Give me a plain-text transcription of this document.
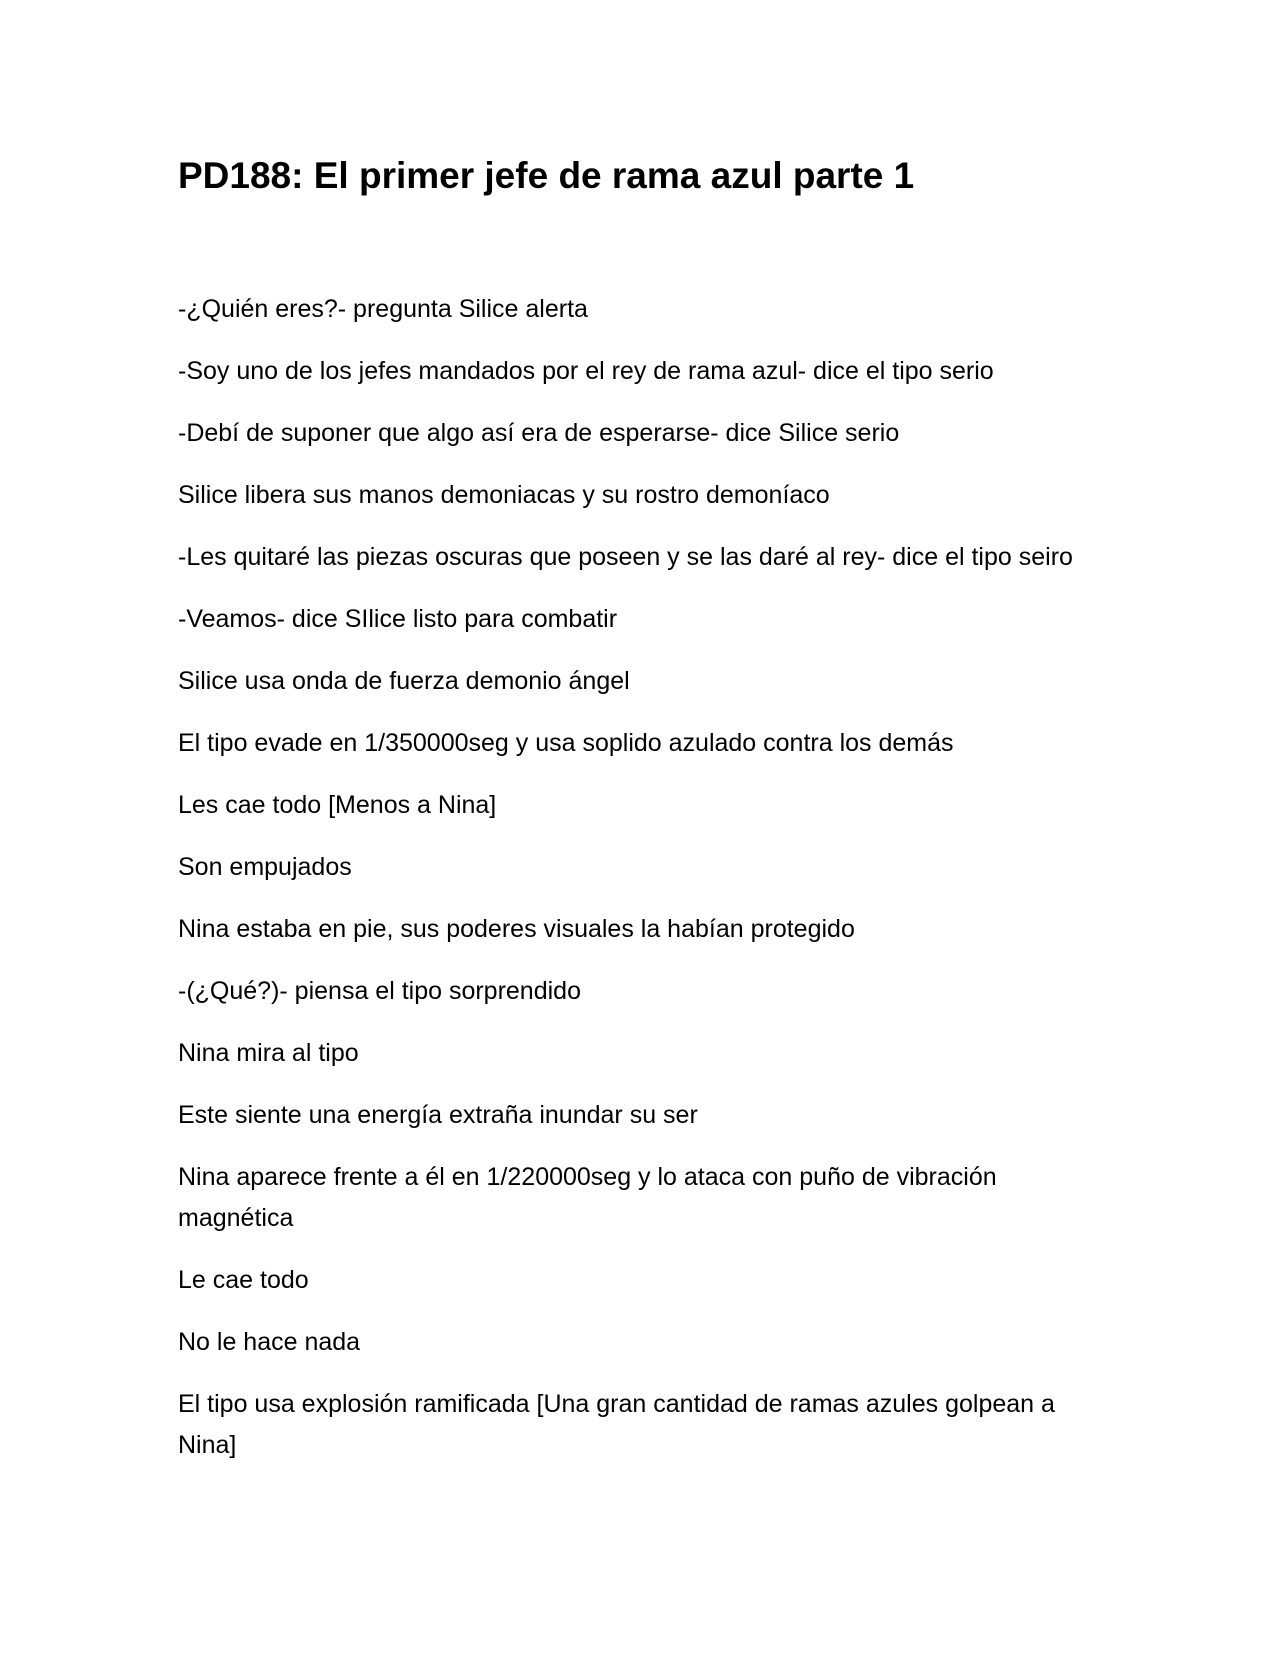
PD188: El primer jefe de rama azul parte 1

-¿Quién eres?- pregunta Silice alerta

-Soy uno de los jefes mandados por el rey de rama azul- dice el tipo serio

-Debí de suponer que algo así era de esperarse- dice Silice serio

Silice libera sus manos demoniacas y su rostro demoníaco

-Les quitaré las piezas oscuras que poseen y se las daré al rey- dice el tipo seiro

-Veamos- dice SIlice listo para combatir

Silice usa onda de fuerza demonio ángel

El tipo evade en 1/350000seg y usa soplido azulado contra los demás

Les cae todo [Menos a Nina]

Son empujados

Nina estaba en pie, sus poderes visuales la habían protegido

-(¿Qué?)- piensa el tipo sorprendido

Nina mira al tipo

Este siente una energía extraña inundar su ser

Nina aparece frente a él en 1/220000seg y lo ataca con puño de vibración magnética

Le cae todo

No le hace nada

El tipo usa explosión ramificada [Una gran cantidad de ramas azules golpean a Nina]
